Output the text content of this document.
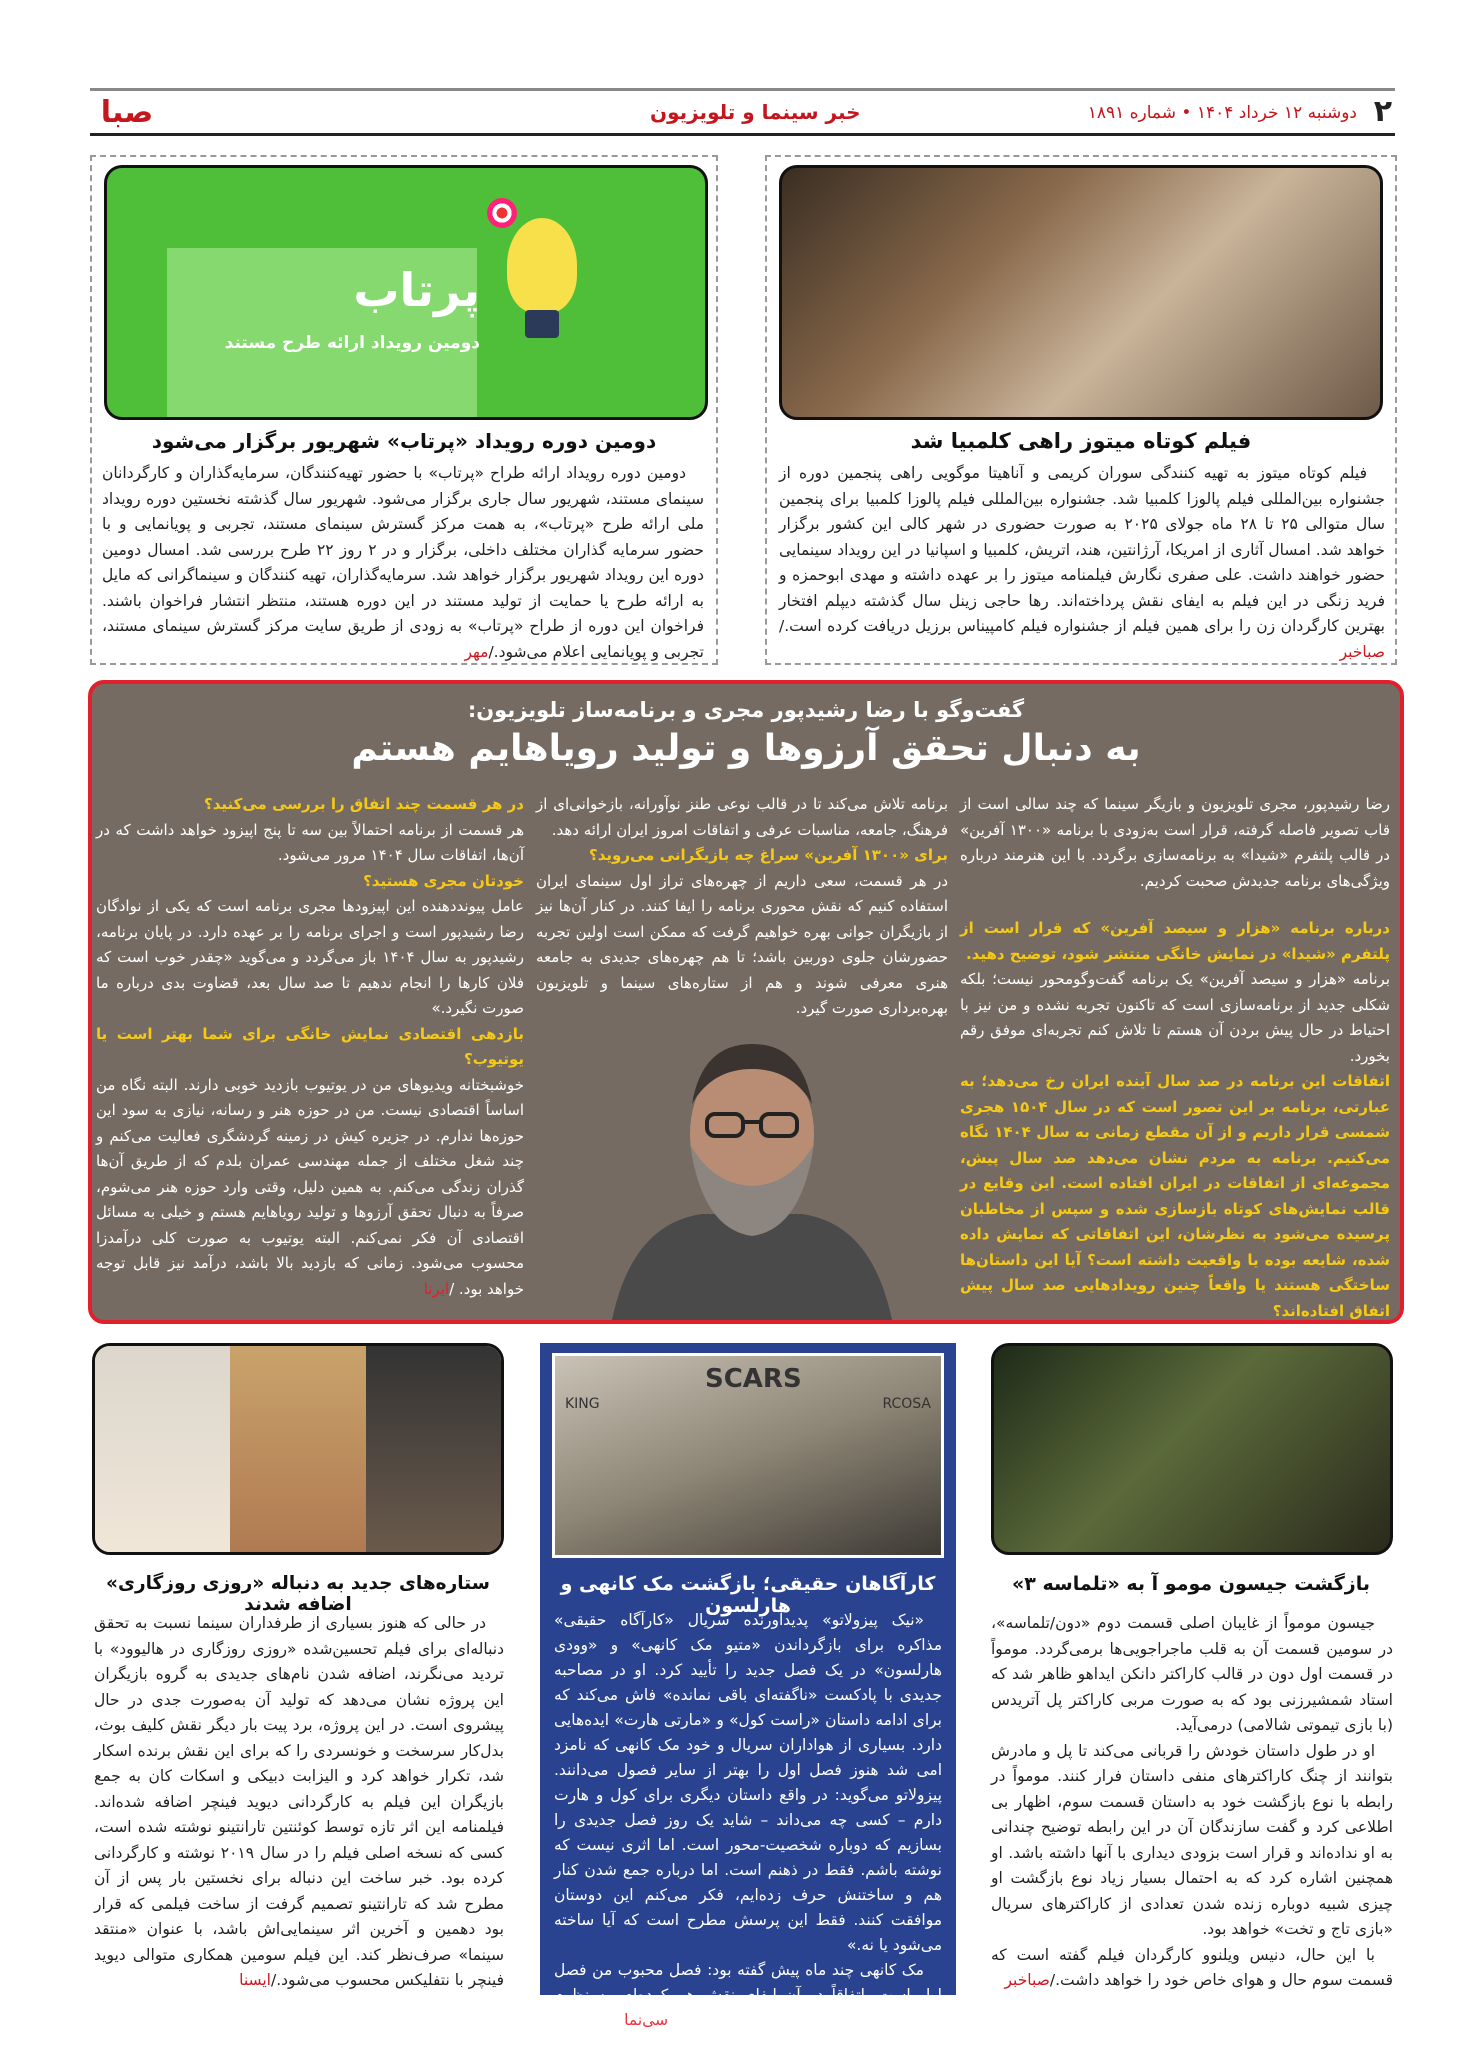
۲
دوشنبه ۱۲ خرداد ۱۴۰۴ • شماره ۱۸۹۱
خبر سینما و تلویزیون
صبا
فیلم کوتاه میتوز راهی کلمبیا شد

فیلم کوتاه میتوز به تهیه کنندگی سوران کریمی و آناهیتا موگویی راهی پنجمین دوره از جشنواره بین‌المللی فیلم پالوزا کلمبیا شد. جشنواره بین‌المللی فیلم پالوزا کلمبیا برای پنجمین سال متوالی ۲۵ تا ۲۸ ماه جولای ۲۰۲۵ به صورت حضوری در شهر کالی این کشور برگزار خواهد شد. امسال آثاری از امریکا، آرژانتین، هند، اتریش، کلمبیا و اسپانیا در این رویداد سینمایی حضور خواهند داشت. علی صفری نگارش فیلمنامه میتوز را بر عهده داشته و مهدی ابوحمزه و فرید زنگی در این فیلم به ایفای نقش پرداخته‌اند. رها حاجی زینل سال گذشته دیپلم افتخار بهترین کارگردان زن را برای همین فیلم از جشنواره فیلم کامپیناس برزیل دریافت کرده است./صباخبر

پرتاب
دومین رویداد ارائه طرح مستند
دومین دوره رویداد «پرتاب» شهریور برگزار می‌شود

دومین دوره رویداد ارائه طراح «پرتاب» با حضور تهیه‌کنندگان، سرمایه‌گذاران و کارگردانان سینمای مستند، شهریور سال جاری برگزار می‌شود. شهریور سال گذشته نخستین دوره رویداد ملی ارائه طرح «پرتاب»، به همت مرکز گسترش سینمای مستند، تجربی و پویانمایی و با حضور سرمایه گذاران مختلف داخلی، برگزار و در ۲ روز ۲۲ طرح بررسی شد. امسال دومین دوره این رویداد شهریور برگزار خواهد شد. سرمایه‌گذاران، تهیه کنندگان و سینماگرانی که مایل به ارائه طرح یا حمایت از تولید مستند در این دوره هستند، منتظر انتشار فراخوان باشند. فراخوان این دوره از طراح «پرتاب» به زودی از طریق سایت مرکز گسترش سینمای مستند، تجربی و پویانمایی اعلام می‌شود./مهر

گفت‌وگو با رضا رشیدپور مجری و برنامه‌ساز تلویزیون:
به دنبال تحقق آرزوها و تولید رویاهایم هستم

رضا رشیدپور، مجری تلویزیون و بازیگر سینما که چند سالی است از قاب تصویر فاصله گرفته، قرار است به‌زودی با برنامه «۱۳۰۰ آفرین» در قالب پلتفرم «شیدا» به برنامه‌سازی برگردد. با این هنرمند درباره ویژگی‌های برنامه جدیدش صحبت کردیم.

درباره برنامه «هزار و سیصد آفرین» که قرار است از پلتفرم «شیدا» در نمایش خانگی منتشر شود، توضیح دهید.

برنامه «هزار و سیصد آفرین» یک برنامه گفت‌وگومحور نیست؛ بلکه شکلی جدید از برنامه‌سازی است که تاکنون تجربه نشده و من نیز با احتیاط در حال پیش بردن آن هستم تا تلاش کنم تجربه‌ای موفق رقم بخورد.

اتفاقات این برنامه در صد سال آینده ایران رخ می‌دهد؛ به عبارتی، برنامه بر این تصور است که در سال ۱۵۰۴ هجری شمسی قرار داریم و از آن مقطع زمانی به سال ۱۴۰۴ نگاه می‌کنیم. برنامه به مردم نشان می‌دهد صد سال پیش، مجموعه‌ای از اتفاقات در ایران افتاده است. این وقایع در قالب نمایش‌های کوتاه بازسازی شده و سپس از مخاطبان پرسیده می‌شود به نظرشان، این اتفاقاتی که نمایش داده شده، شایعه بوده یا واقعیت داشته است؟ آیا این داستان‌ها ساختگی هستند یا واقعاً چنین رویدادهایی صد سال پیش اتفاق افتاده‌اند؟

برنامه تلاش می‌کند تا در قالب نوعی طنز نوآورانه، بازخوانی‌ای از فرهنگ، جامعه، مناسبات عرفی و اتفاقات امروز ایران ارائه دهد.

برای «۱۳۰۰ آفرین» سراغ چه بازیگرانی می‌روید؟

در هر قسمت، سعی داریم از چهره‌های تراز اول سینمای ایران استفاده کنیم که نقش محوری برنامه را ایفا کنند. در کنار آن‌ها نیز از بازیگران جوانی بهره خواهیم گرفت که ممکن است اولین تجربه حضورشان جلوی دوربین باشد؛ تا هم چهره‌های جدیدی به جامعه هنری معرفی شوند و هم از ستاره‌های سینما و تلویزیون بهره‌برداری صورت گیرد.

در هر قسمت چند اتفاق را بررسی می‌کنید؟

هر قسمت از برنامه احتمالاً بین سه تا پنج اپیزود خواهد داشت که در آن‌ها، اتفاقات سال ۱۴۰۴ مرور می‌شود.

خودتان مجری هستید؟

عامل پیونددهنده این اپیزودها مجری برنامه است که یکی از نوادگان رضا رشیدپور است و اجرای برنامه را بر عهده دارد. در پایان برنامه، رشیدپور به سال ۱۴۰۴ باز می‌گردد و می‌گوید «چقدر خوب است که فلان کارها را انجام ندهیم تا صد سال بعد، قضاوت بدی درباره ما صورت نگیرد.»

بازدهی اقتصادی نمایش خانگی برای شما بهتر است یا یوتیوب؟

خوشبختانه ویدیوهای من در یوتیوب بازدید خوبی دارند. البته نگاه من اساساً اقتصادی نیست. من در حوزه هنر و رسانه، نیازی به سود این حوزه‌ها ندارم. در جزیره کیش در زمینه گردشگری فعالیت می‌کنم و چند شغل مختلف از جمله مهندسی عمران بلدم که از طریق آن‌ها گذران زندگی می‌کنم. به همین دلیل، وقتی وارد حوزه هنر می‌شوم، صرفاً به دنبال تحقق آرزوها و تولید رویاهایم هستم و خیلی به مسائل اقتصادی آن فکر نمی‌کنم. البته یوتیوب به صورت کلی درآمدزا محسوب می‌شود. زمانی که بازدید بالا باشد، درآمد نیز قابل توجه خواهد بود. /ایرنا

بازگشت جیسون مومو آ به «تلماسه ۳»

جیسون مومواً از غایبان اصلی قسمت دوم «دون/تلماسه»، در سومین قسمت آن به قلب ماجراجویی‌ها برمی‌گردد. مومواً در قسمت اول دون در قالب کاراکتر دانکن ایداهو ظاهر شد که استاد شمشیرزنی بود که به صورت مربی کاراکتر پل آتریدس (با بازی تیموتی شالامی) درمی‌آید.

او در طول داستان خودش را قربانی می‌کند تا پل و مادرش بتوانند از چنگ کاراکترهای منفی داستان فرار کنند. مومواً در رابطه با نوع بازگشت خود به داستان قسمت سوم، اظهار بی اطلاعی کرد و گفت سازندگان آن در این رابطه توضیح چندانی به او نداده‌اند و قرار است بزودی دیداری با آنها داشته باشد. او همچنین اشاره کرد که به احتمال بسیار زیاد نوع بازگشت او چیزی شبیه دوباره زنده شدن تعدادی از کاراکترهای سریال «بازی تاج و تخت» خواهد بود.

با این حال، دنیس ویلنوو کارگردان فیلم گفته است که قسمت سوم حال و هوای خاص خود را خواهد داشت./صباخبر

SCARS
KING	RCOSA
کارآگاهان حقیقی؛ بازگشت مک کانهی و هارلسون

«نیک پیزولاتو» پدیدآورنده سریال «کارآگاه حقیقی» مذاکره برای بازگرداندن «متیو مک کانهی» و «وودی هارلسون» در یک فصل جدید را تأیید کرد. او در مصاحبه جدیدی با پادکست «ناگفته‌ای باقی نمانده» فاش می‌کند که برای ادامه داستان «راست کول» و «مارتی هارت» ایده‌هایی دارد. بسیاری از هواداران سریال و خود مک کانهی که نامزد امی شد هنوز فصل اول را بهتر از سایر فصول می‌دانند. پیزولاتو می‌گوید: در واقع داستان دیگری برای کول و هارت دارم – کسی چه می‌داند – شاید یک روز فصل جدیدی را بسازیم که دوباره شخصیت-محور است. اما اثری نیست که نوشته باشم. فقط در ذهنم است. اما درباره جمع شدن کنار هم و ساختنش حرف زده‌ایم، فکر می‌کنم این دوستان موافقت کنند. فقط این پرسش مطرح است که آیا ساخته می‌شود یا نه.»

مک کانهی چند ماه پیش گفته بود: فصل محبوب من فصل اول است. اتفاقاً در آن ایفای نقش هم کرده‌ام، به نظرم سریال بسیار بسیار بی‌نظیر و خوبی است./سی‌نما

ستاره‌های جدید به دنباله «روزی روزگاری» اضافه شدند

در حالی که هنوز بسیاری از طرفداران سینما نسبت به تحقق دنباله‌ای برای فیلم تحسین‌شده «روزی روزگاری در هالیوود» با تردید می‌نگرند، اضافه شدن نام‌های جدیدی به گروه بازیگران این پروژه نشان می‌دهد که تولید آن به‌صورت جدی در حال پیشروی است. در این پروژه، برد پیت بار دیگر نقش کلیف بوث، بدل‌کار سرسخت و خونسردی را که برای این نقش برنده اسکار شد، تکرار خواهد کرد و الیزابت دبیکی و اسکات کان به جمع بازیگران این فیلم به کارگردانی دیوید فینچر اضافه شده‌اند. فیلمنامه این اثر تازه توسط کوئنتین تارانتینو نوشته شده است، کسی که نسخه اصلی فیلم را در سال ۲۰۱۹ نوشته و کارگردانی کرده بود. خبر ساخت این دنباله برای نخستین بار پس از آن مطرح شد که تارانتینو تصمیم گرفت از ساخت فیلمی که قرار بود دهمین و آخرین اثر سینمایی‌اش باشد، با عنوان «منتقد سینما» صرف‌نظر کند. این فیلم سومین همکاری متوالی دیوید فینچر با نتفلیکس محسوب می‌شود./ایسنا
